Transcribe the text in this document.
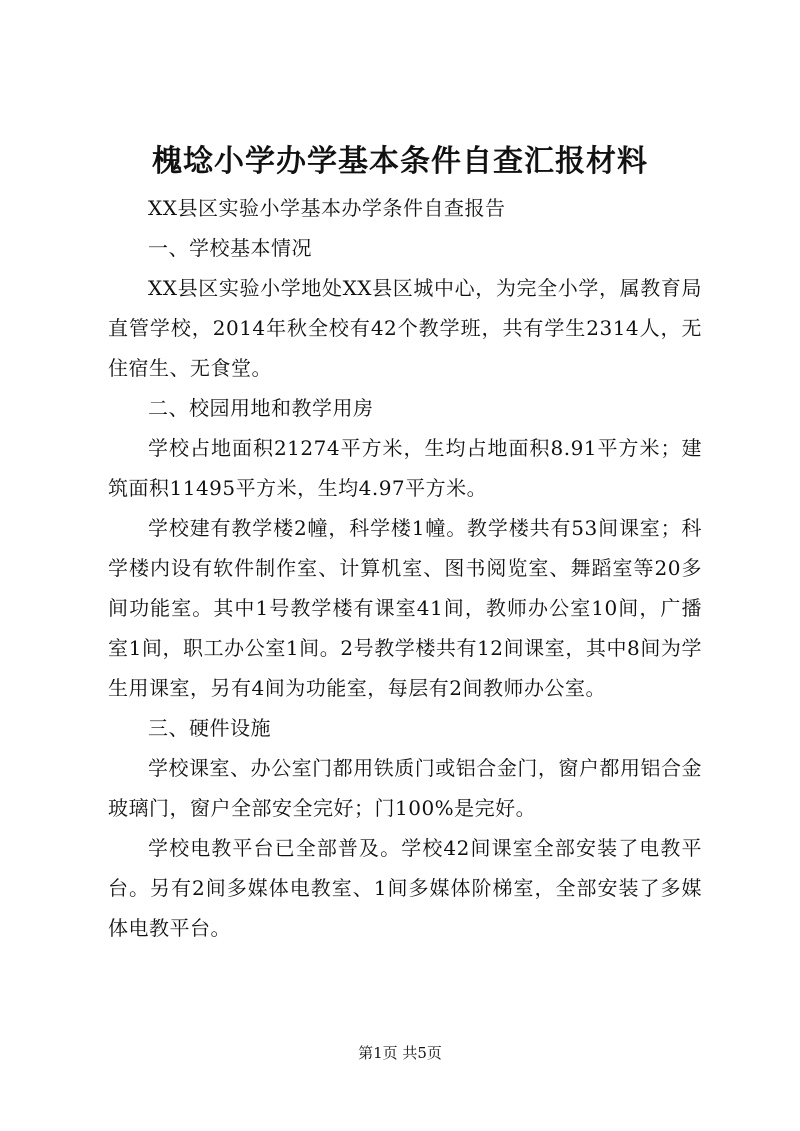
槐埝小学办学基本条件自查汇报材料

XX县区实验小学基本办学条件自查报告

一、学校基本情况

XX县区实验小学地处XX县区城中心，为完全小学，属教育局直管学校，2014年秋全校有42个教学班，共有学生2314人，无住宿生、无食堂。

二、校园用地和教学用房

学校占地面积21274平方米，生均占地面积8.91平方米；建筑面积11495平方米，生均4.97平方米。

学校建有教学楼2幢，科学楼1幢。教学楼共有53间课室；科学楼内设有软件制作室、计算机室、图书阅览室、舞蹈室等20多间功能室。其中1号教学楼有课室41间，教师办公室10间，广播室1间，职工办公室1间。2号教学楼共有12间课室，其中8间为学生用课室，另有4间为功能室，每层有2间教师办公室。

三、硬件设施

学校课室、办公室门都用铁质门或铝合金门，窗户都用铝合金玻璃门，窗户全部安全完好；门100%是完好。

学校电教平台已全部普及。学校42间课室全部安装了电教平台。另有2间多媒体电教室、1间多媒体阶梯室，全部安装了多媒体电教平台。

第1页 共5页
